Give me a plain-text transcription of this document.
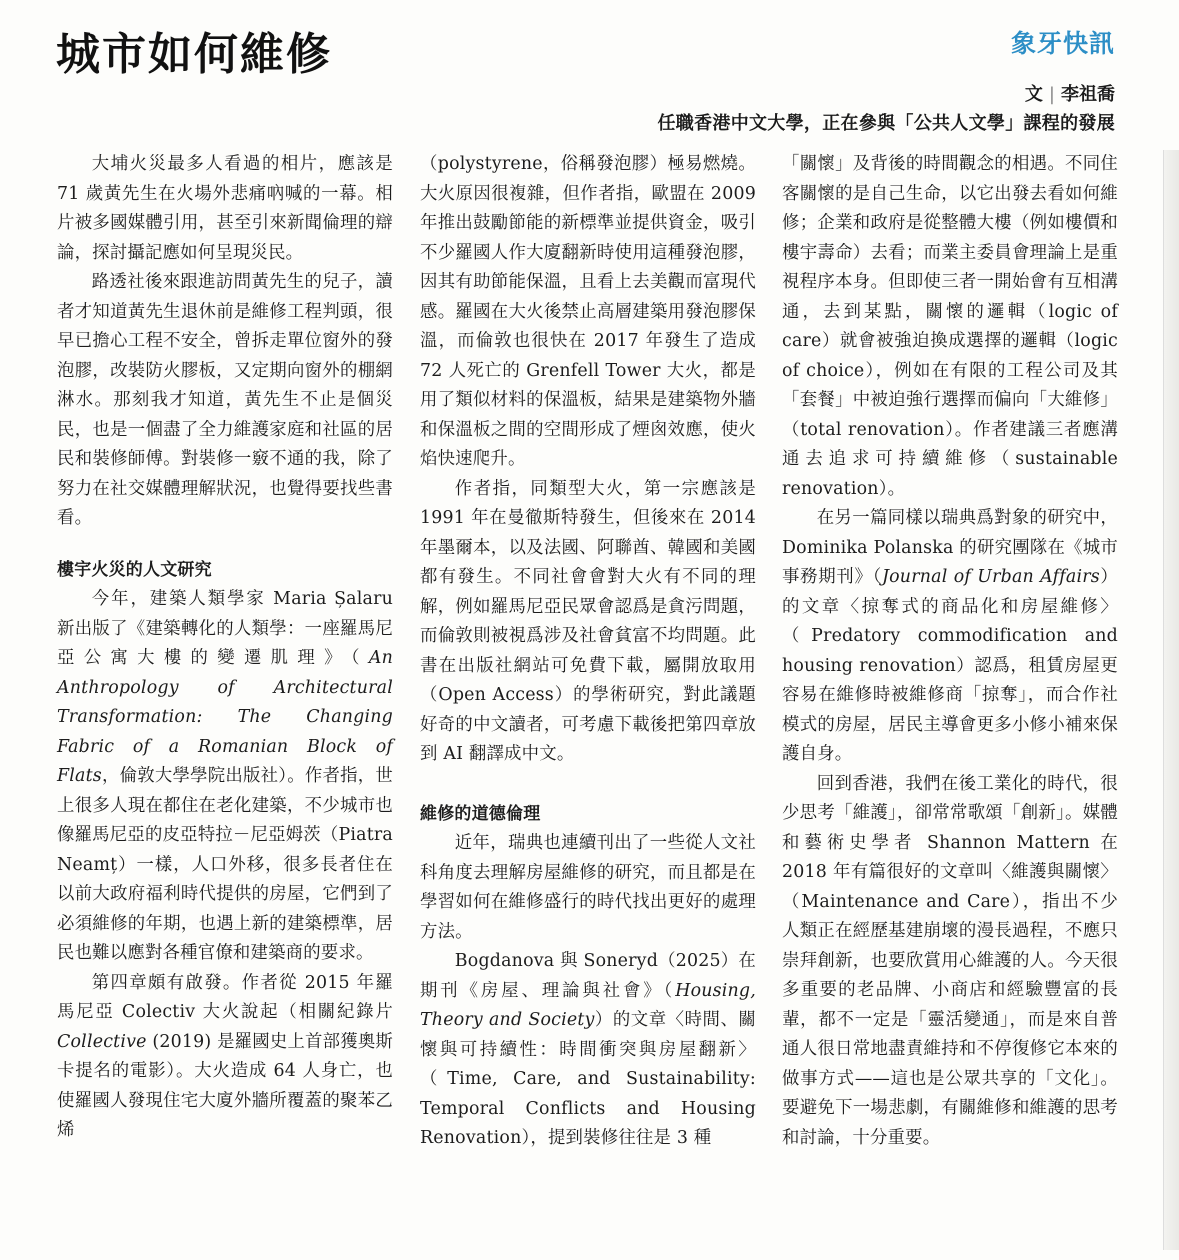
城市如何維修	象牙快訊
文 | 李祖喬
任職香港中文大學，正在參與「公共人文學」課程的發展

大埔火災最多人看過的相片，應該是 71 歲黃先生在火場外悲痛吶喊的一幕。相片被多國媒體引用，甚至引來新聞倫理的辯論，探討攝記應如何呈現災民。

路透社後來跟進訪問黃先生的兒子，讀者才知道黃先生退休前是維修工程判頭，很早已擔心工程不安全，曾拆走單位窗外的發泡膠，改裝防火膠板，又定期向窗外的棚網淋水。那刻我才知道，黃先生不止是個災民，也是一個盡了全力維護家庭和社區的居民和裝修師傅。對裝修一竅不通的我，除了努力在社交媒體理解狀況，也覺得要找些書看。

樓宇火災的人文研究

今年，建築人類學家 Maria Șalaru 新出版了《建築轉化的人類學：一座羅馬尼亞公寓大樓的變遷肌理》（An Anthropology of Architectural Transformation: The Changing Fabric of a Romanian Block of Flats，倫敦大學學院出版社）。作者指，世上很多人現在都住在老化建築，不少城市也像羅馬尼亞的皮亞特拉－尼亞姆茨（Piatra Neamț）一樣，人口外移，很多長者住在以前大政府福利時代提供的房屋，它們到了必須維修的年期，也遇上新的建築標準，居民也難以應對各種官僚和建築商的要求。

第四章頗有啟發。作者從 2015 年羅馬尼亞 Colectiv 大火說起（相關紀錄片 Collective (2019) 是羅國史上首部獲奧斯卡提名的電影）。大火造成 64 人身亡，也使羅國人發現住宅大廈外牆所覆蓋的聚苯乙烯

（polystyrene，俗稱發泡膠）極易燃燒。大火原因很複雜，但作者指，歐盟在 2009 年推出鼓勵節能的新標準並提供資金，吸引不少羅國人作大廈翻新時使用這種發泡膠，因其有助節能保溫，且看上去美觀而富現代感。羅國在大火後禁止高層建築用發泡膠保溫，而倫敦也很快在 2017 年發生了造成 72 人死亡的 Grenfell Tower 大火，都是用了類似材料的保溫板，結果是建築物外牆和保溫板之間的空間形成了煙囪效應，使火焰快速爬升。

作者指，同類型大火，第一宗應該是 1991 年在曼徹斯特發生，但後來在 2014 年墨爾本，以及法國、阿聯酋、韓國和美國都有發生。不同社會會對大火有不同的理解，例如羅馬尼亞民眾會認爲是貪污問題，而倫敦則被視爲涉及社會貧富不均問題。此書在出版社網站可免費下載，屬開放取用（Open Access）的學術研究，對此議題好奇的中文讀者，可考慮下載後把第四章放到 AI 翻譯成中文。

維修的道德倫理

近年，瑞典也連續刊出了一些從人文社科角度去理解房屋維修的研究，而且都是在學習如何在維修盛行的時代找出更好的處理方法。

Bogdanova 與 Soneryd（2025）在期刊《房屋、理論與社會》（Housing, Theory and Society）的文章〈時間、關懷與可持續性：時間衝突與房屋翻新〉（Time, Care, and Sustainability: Temporal Conflicts and Housing Renovation），提到裝修往往是 3 種

「關懷」及背後的時間觀念的相遇。不同住客關懷的是自己生命，以它出發去看如何維修；企業和政府是從整體大樓（例如樓價和樓宇壽命）去看；而業主委員會理論上是重視程序本身。但即使三者一開始會有互相溝通，去到某點，關懷的邏輯（logic of care）就會被強迫換成選擇的邏輯（logic of choice），例如在有限的工程公司及其「套餐」中被迫強行選擇而偏向「大維修」（total renovation）。作者建議三者應溝通去追求可持續維修（sustainable renovation）。

在另一篇同樣以瑞典爲對象的研究中，Dominika Polanska 的研究團隊在《城市事務期刊》（Journal of Urban Affairs）的文章〈掠奪式的商品化和房屋維修〉（Predatory commodification and housing renovation）認爲，租賃房屋更容易在維修時被維修商「掠奪」，而合作社模式的房屋，居民主導會更多小修小補來保護自身。

回到香港，我們在後工業化的時代，很少思考「維護」，卻常常歌頌「創新」。媒體和藝術史學者 Shannon Mattern 在 2018 年有篇很好的文章叫〈維護與關懷〉（Maintenance and Care），指出不少人類正在經歷基建崩壞的漫長過程，不應只崇拜創新，也要欣賞用心維護的人。今天很多重要的老品牌、小商店和經驗豐富的長輩，都不一定是「靈活變通」，而是來自普通人很日常地盡責維持和不停復修它本來的做事方式——這也是公眾共享的「文化」。要避免下一場悲劇，有關維修和維護的思考和討論，十分重要。
